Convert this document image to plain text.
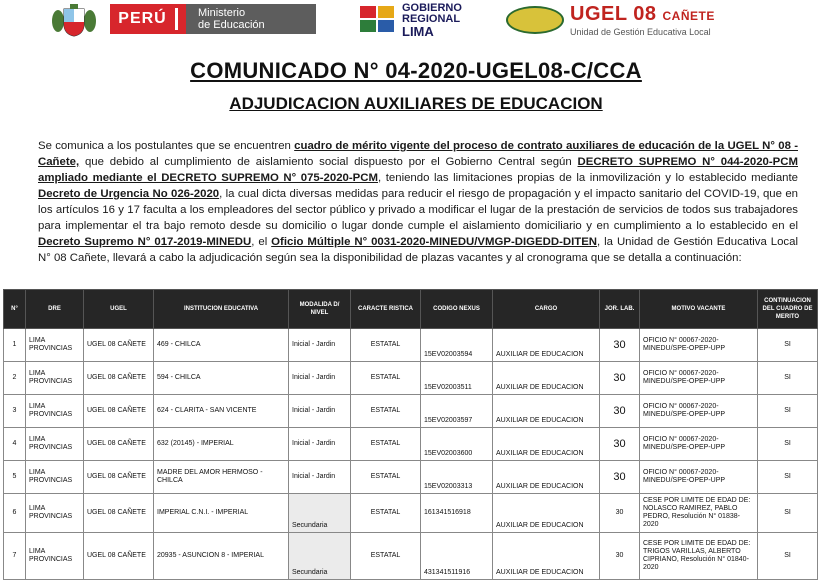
PERÚ	Ministerio
de Educación
GOBIERNO
REGIONAL
LIMA
UGEL 08 CAÑETE
Unidad de Gestión Educativa Local
COMUNICADO N° 04-2020-UGEL08-C/CCA
ADJUDICACION AUXILIARES DE EDUCACION
Se comunica a los postulantes que se encuentren cuadro de mérito vigente del proceso de contrato auxiliares de educación de la UGEL N° 08 - Cañete, que debido al cumplimiento de aislamiento social dispuesto por el Gobierno Central según DECRETO SUPREMO N° 044-2020-PCM ampliado mediante el DECRETO SUPREMO N° 075-2020-PCM, teniendo las limitaciones propias de la inmovilización y lo establecido mediante Decreto de Urgencia No 026-2020, la cual dicta diversas medidas para reducir el riesgo de propagación y el impacto sanitario del COVID-19, que en los artículos 16 y 17 faculta a los empleadores del sector público y privado a modificar el lugar de la prestación de servicios de todos sus trabajadores para implementar el tra bajo remoto desde su domicilio o lugar donde cumple el aislamiento domiciliario y en cumplimiento a lo establecido en el Decreto Supremo N° 017-2019-MINEDU, el Oficio Múltiple N° 0031-2020-MINEDU/VMGP-DIGEDD-DITEN, la Unidad de Gestión Educativa Local N° 08 Cañete, llevará a cabo la adjudicación según sea la disponibilidad de plazas vacantes y al cronograma que se detalla a continuación:
N°	DRE	UGEL	INSTITUCION EDUCATIVA	MODALIDA D/ NIVEL	CARACTE RISTICA	CODIGO NEXUS	CARGO	JOR. LAB.	MOTIVO VACANTE	CONTINUACION DEL CUADRO DE MERITO
1	LIMA PROVINCIAS	UGEL 08 CAÑETE	469 - CHILCA	Inicial - Jardin	ESTATAL	15EV02003594	AUXILIAR DE EDUCACION	30	OFICIO N° 00067-2020-MINEDU/SPE-OPEP-UPP	SI
2	LIMA PROVINCIAS	UGEL 08 CAÑETE	594 - CHILCA	Inicial - Jardin	ESTATAL	15EV02003511	AUXILIAR DE EDUCACION	30	OFICIO N° 00067-2020-MINEDU/SPE-OPEP-UPP	SI
3	LIMA PROVINCIAS	UGEL 08 CAÑETE	624 - CLARITA - SAN VICENTE	Inicial - Jardin	ESTATAL	15EV02003597	AUXILIAR DE EDUCACION	30	OFICIO N° 00067-2020-MINEDU/SPE-OPEP-UPP	SI
4	LIMA PROVINCIAS	UGEL 08 CAÑETE	632 (20145) - IMPERIAL	Inicial - Jardin	ESTATAL	15EV02003600	AUXILIAR DE EDUCACION	30	OFICIO N° 00067-2020-MINEDU/SPE-OPEP-UPP	SI
5	LIMA PROVINCIAS	UGEL 08 CAÑETE	MADRE DEL AMOR HERMOSO - CHILCA	Inicial - Jardin	ESTATAL	15EV02003313	AUXILIAR DE EDUCACION	30	OFICIO N° 00067-2020-MINEDU/SPE-OPEP-UPP	SI
6	LIMA PROVINCIAS	UGEL 08 CAÑETE	IMPERIAL C.N.I. - IMPERIAL	Secundaria	ESTATAL	161341516918	AUXILIAR DE EDUCACION	30	CESE POR LIMITE DE EDAD DE: NOLASCO RAMIREZ, PABLO PEDRO, Resolución N° 01838-2020	SI
7	LIMA PROVINCIAS	UGEL 08 CAÑETE	20935 - ASUNCION 8 - IMPERIAL	Secundaria	ESTATAL	431341511916	AUXILIAR DE EDUCACION	30	CESE POR LIMITE DE EDAD DE: TRIGOS VARILLAS, ALBERTO CIPRIANO, Resolución N° 01840-2020	SI
